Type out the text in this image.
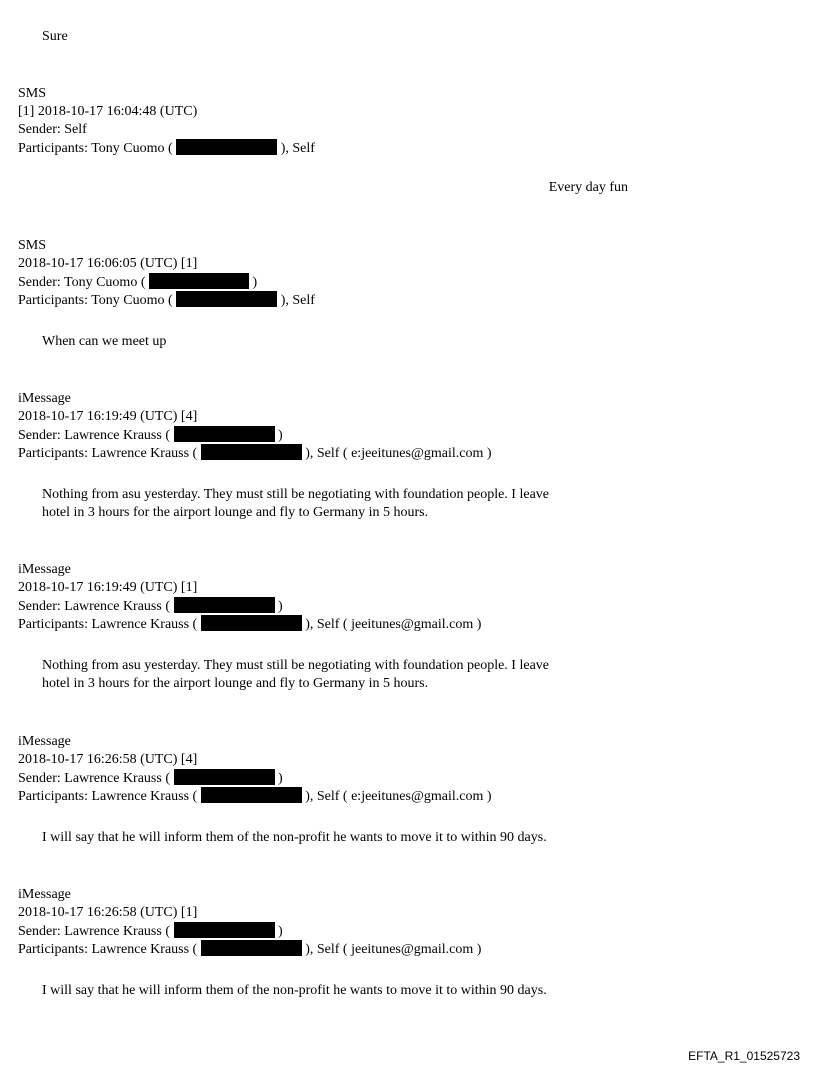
Sure
SMS
[1] 2018-10-17 16:04:48 (UTC)
Sender: Self
Participants: Tony Cuomo (	), Self
Every day fun
SMS
2018-10-17 16:06:05 (UTC) [1]
Sender: Tony Cuomo (	)
Participants: Tony Cuomo (	), Self
When can we meet up
iMessage
2018-10-17 16:19:49 (UTC) [4]
Sender: Lawrence Krauss (	)
Participants: Lawrence Krauss (	), Self ( e:jeeitunes@gmail.com )
Nothing from asu yesterday. They must still be negotiating with foundation people. I leave
hotel in 3 hours for the airport lounge and fly to Germany in 5 hours.
iMessage
2018-10-17 16:19:49 (UTC) [1]
Sender: Lawrence Krauss (	)
Participants: Lawrence Krauss (	), Self ( jeeitunes@gmail.com )
Nothing from asu yesterday. They must still be negotiating with foundation people. I leave
hotel in 3 hours for the airport lounge and fly to Germany in 5 hours.
iMessage
2018-10-17 16:26:58 (UTC) [4]
Sender: Lawrence Krauss (	)
Participants: Lawrence Krauss (	), Self ( e:jeeitunes@gmail.com )
I will say that he will inform them of the non-profit he wants to move it to within 90 days.
iMessage
2018-10-17 16:26:58 (UTC) [1]
Sender: Lawrence Krauss (	)
Participants: Lawrence Krauss (	), Self ( jeeitunes@gmail.com )
I will say that he will inform them of the non-profit he wants to move it to within 90 days.
EFTA_R1_01525723
